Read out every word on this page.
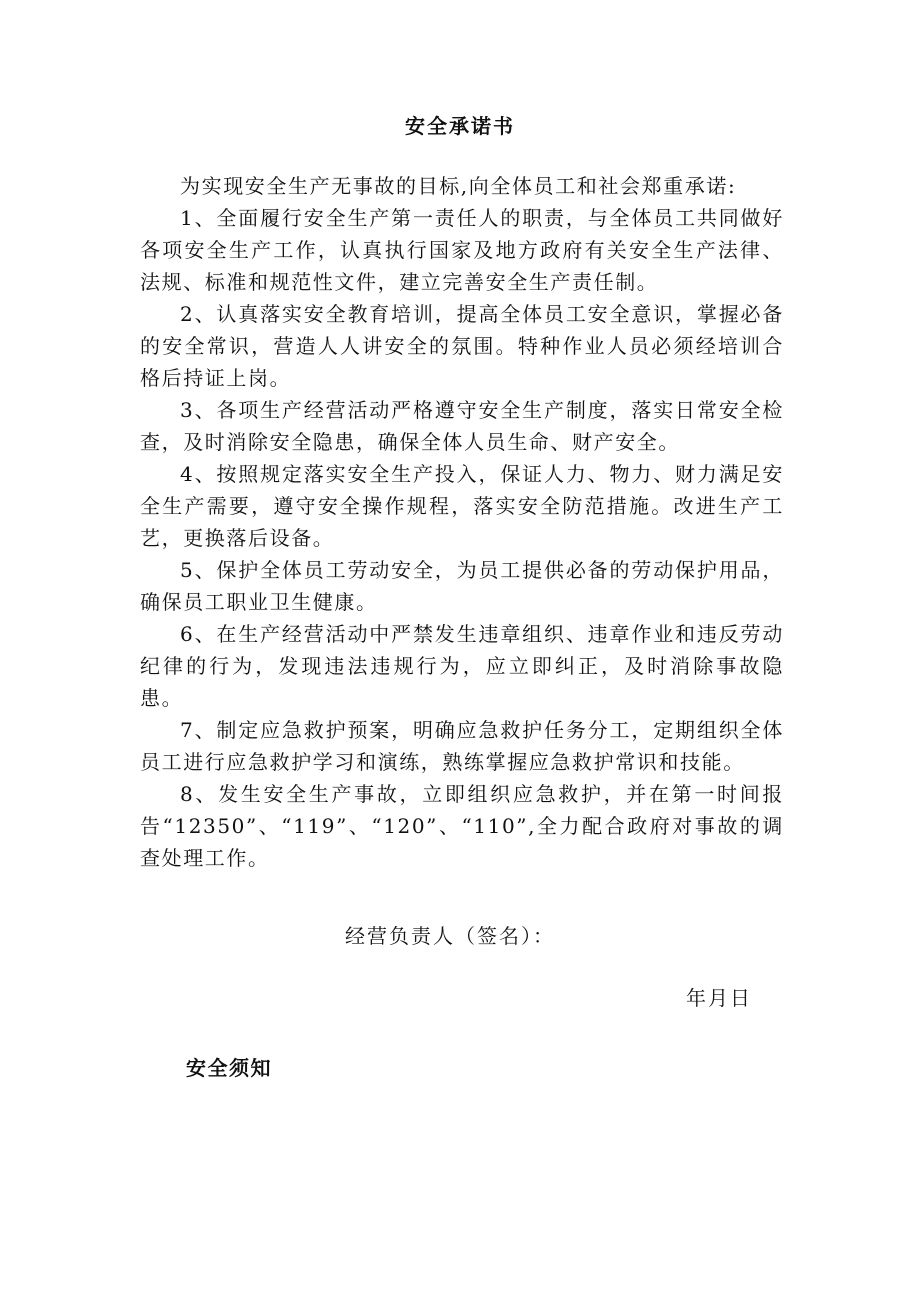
安全承诺书

为实现安全生产无事故的目标,向全体员工和社会郑重承诺:

1、全面履行安全生产第一责任人的职责，与全体员工共同做好各项安全生产工作，认真执行国家及地方政府有关安全生产法律、法规、标准和规范性文件，建立完善安全生产责任制。

2、认真落实安全教育培训，提高全体员工安全意识，掌握必备的安全常识，营造人人讲安全的氛围。特种作业人员必须经培训合格后持证上岗。

3、各项生产经营活动严格遵守安全生产制度，落实日常安全检查，及时消除安全隐患，确保全体人员生命、财产安全。

4、按照规定落实安全生产投入，保证人力、物力、财力满足安全生产需要，遵守安全操作规程，落实安全防范措施。改进生产工艺，更换落后设备。

5、保护全体员工劳动安全，为员工提供必备的劳动保护用品，确保员工职业卫生健康。

6、在生产经营活动中严禁发生违章组织、违章作业和违反劳动纪律的行为，发现违法违规行为，应立即纠正，及时消除事故隐患。

7、制定应急救护预案，明确应急救护任务分工，定期组织全体员工进行应急救护学习和演练，熟练掌握应急救护常识和技能。

8、发生安全生产事故，立即组织应急救护，并在第一时间报告“12350”、“119”、“120”、“110”,全力配合政府对事故的调查处理工作。

经营负责人（签名）：

年月日

安全须知
